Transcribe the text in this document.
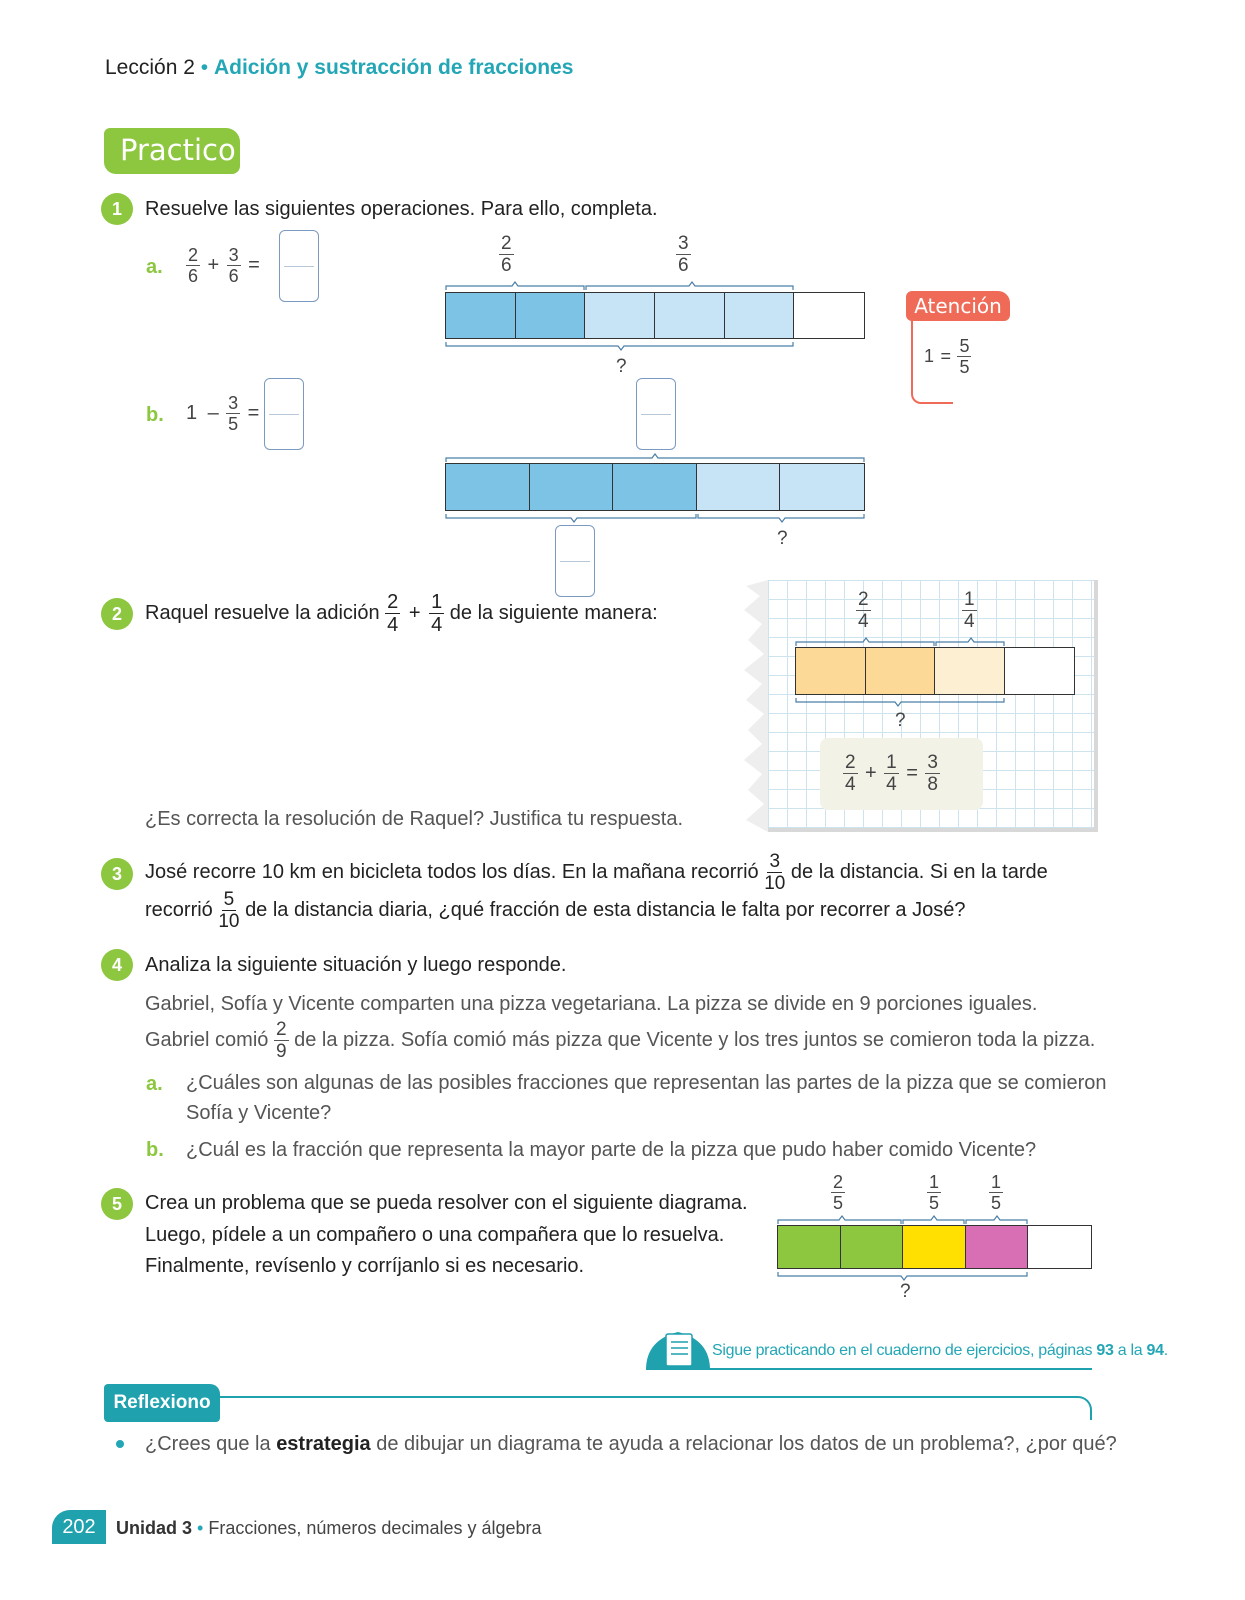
Lección 2 • Adición y sustracción de fracciones
Practico
1	Resuelve las siguientes operaciones. Para ello, completa.
a. $\frac{2}{6} + \frac{3}{6}$ =
b. $1 - \frac{3}{5}$ =
$\frac{2}{6}$	$\frac{3}{6}$
?
?
Atención
$1 = \frac{5}{5}$
2	Raquel resuelve la adición $\frac{2}{4} + \frac{1}{4}$ de la siguiente manera:
¿Es correcta la resolución de Raquel? Justifica tu respuesta.
$\frac{2}{4}$	$\frac{1}{4}$
?
$\frac{2}{4} + \frac{1}{4} = \frac{3}{8}$
3	José recorre 10 km en bicicleta todos los días. En la mañana recorrió $\frac{3}{10}$ de la distancia. Si en la tarde
recorrió $\frac{5}{10}$ de la distancia diaria, ¿qué fracción de esta distancia le falta por recorrer a José?
4	Analiza la siguiente situación y luego responde.
Gabriel, Sofía y Vicente comparten una pizza vegetariana. La pizza se divide en 9 porciones iguales.
Gabriel comió $\frac{2}{9}$ de la pizza. Sofía comió más pizza que Vicente y los tres juntos se comieron toda la pizza.
a. ¿Cuáles son algunas de las posibles fracciones que representan las partes de la pizza que se comieron
Sofía y Vicente?
b. ¿Cuál es la fracción que representa la mayor parte de la pizza que pudo haber comido Vicente?
5	Crea un problema que se pueda resolver con el siguiente diagrama.
Luego, pídele a un compañero o una compañera que lo resuelva.
Finalmente, revísenlo y corríjanlo si es necesario.
$\frac{2}{5}$	$\frac{1}{5}$	$\frac{1}{5}$
?
Sigue practicando en el cuaderno de ejercicios, páginas 93 a la 94.
Reflexiono
¿Crees que la estrategia de dibujar un diagrama te ayuda a relacionar los datos de un problema?, ¿por qué?
202	Unidad 3 • Fracciones, números decimales y álgebra
